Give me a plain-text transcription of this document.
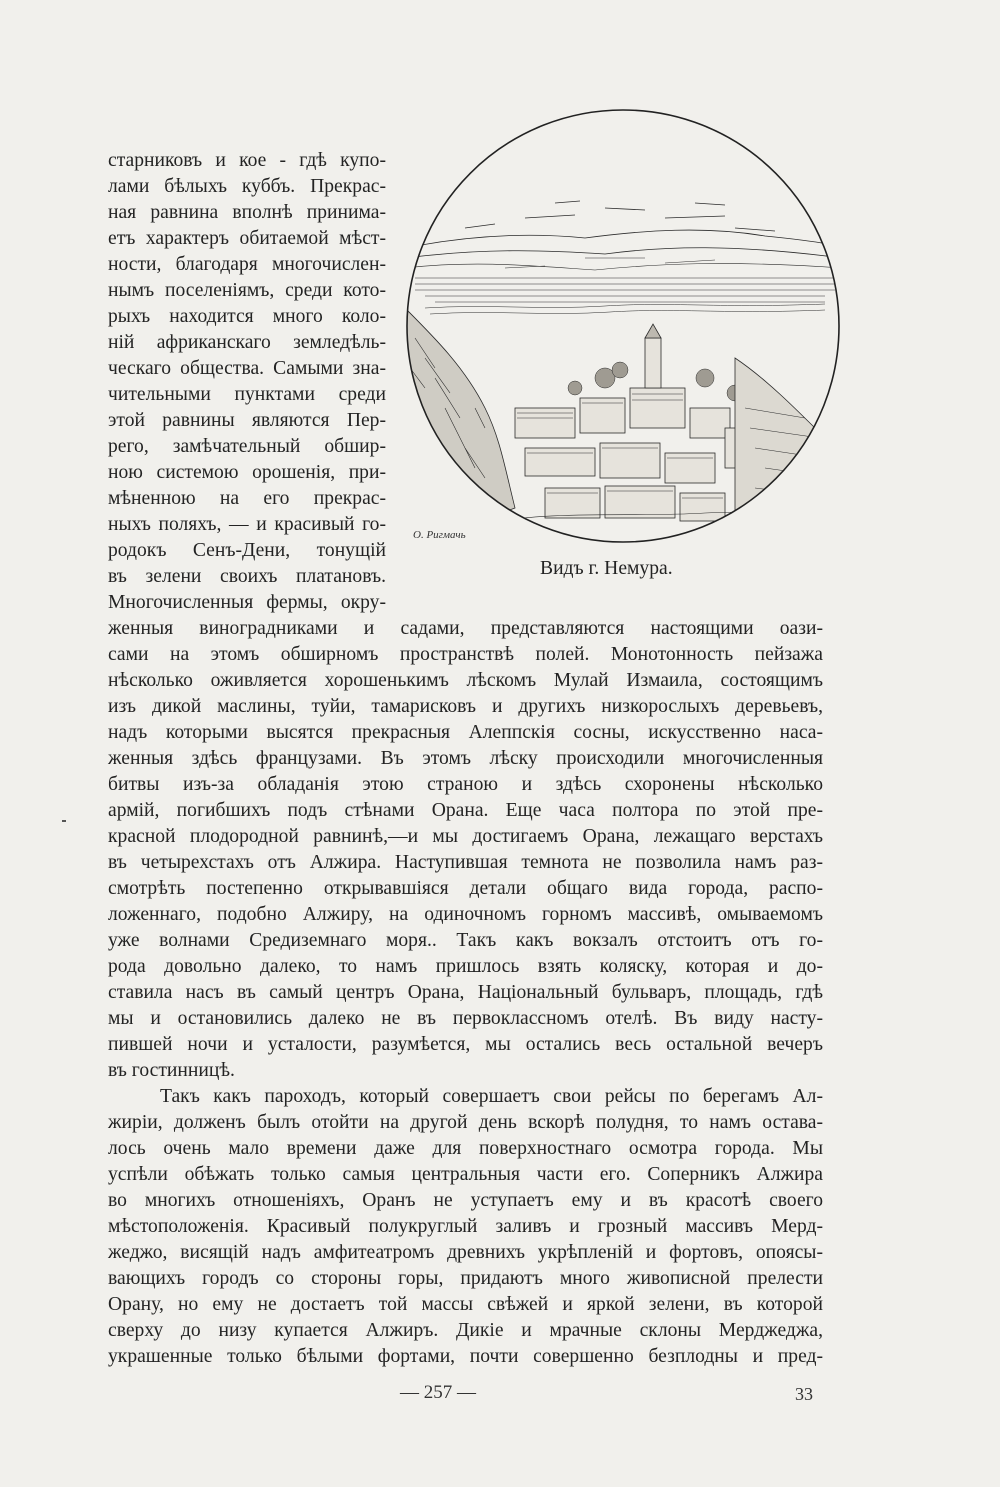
старниковъ и кое - гдѣ купо-
лами бѣлыхъ куббъ. Прекрас-
ная равнина вполнѣ принима-
етъ характеръ обитаемой мѣст-
ности, благодаря многочислен-
нымъ поселеніямъ, среди кото-
рыхъ находится много коло-
ній африканскаго земледѣль-
ческаго общества. Самыми зна-
чительными пунктами среди
этой равнины являются Пер-
рего, замѣчательный обшир-
ною системою орошенія, при-
мѣненною на его прекрас-
ныхъ поляхъ, — и красивый го-
родокъ Сенъ-Дени, тонущій
въ зелени своихъ платановъ.
Многочисленныя фермы, окру-
О. Ригмачь
Видъ г. Немура.
женныя виноградниками и садами, представляются настоящими оази-
сами на этомъ обширномъ пространствѣ полей. Монотонность пейзажа
нѣсколько оживляется хорошенькимъ лѣскомъ Мулай Измаила, состоящимъ
изъ дикой маслины, туйи, тамарисковъ и другихъ низкорослыхъ деревьевъ,
надъ которыми высятся прекрасныя Алеппскія сосны, искусственно наса-
женныя здѣсь французами. Въ этомъ лѣску происходили многочисленныя
битвы изъ-за обладанія этою страною и здѣсь схоронены нѣсколько
армій, погибшихъ подъ стѣнами Орана. Еще часа полтора по этой пре-
красной плодородной равнинѣ,—и мы достигаемъ Орана, лежащаго верстахъ
въ четырехстахъ отъ Алжира. Наступившая темнота не позволила намъ раз-
смотрѣть постепенно открывавшіяся детали общаго вида города, распо-
ложеннаго, подобно Алжиру, на одиночномъ горномъ массивѣ, омываемомъ
уже волнами Средиземнаго моря.. Такъ какъ вокзалъ отстоитъ отъ го-
рода довольно далеко, то намъ пришлось взять коляску, которая и до-
ставила насъ въ самый центръ Орана, Національный бульваръ, площадь, гдѣ
мы и остановились далеко не въ первоклассномъ отелѣ. Въ виду насту-
пившей ночи и усталости, разумѣется, мы остались весь остальной вечеръ
въ гостинницѣ.
Такъ какъ пароходъ, который совершаетъ свои рейсы по берегамъ Ал-
жиріи, долженъ былъ отойти на другой день вскорѣ полудня, то намъ остава-
лось очень мало времени даже для поверхностнаго осмотра города. Мы
успѣли обѣжать только самыя центральныя части его. Соперникъ Алжира
во многихъ отношеніяхъ, Оранъ не уступаетъ ему и въ красотѣ своего
мѣстоположенія. Красивый полукруглый заливъ и грозный массивъ Мерд-
жеджо, висящій надъ амфитеатромъ древнихъ укрѣпленій и фортовъ, опоясы-
вающихъ городъ со стороны горы, придаютъ много живописной прелести
Орану, но ему не достаетъ той массы свѣжей и яркой зелени, въ которой
сверху до низу купается Алжиръ. Дикіе и мрачные склоны Мерджеджа,
украшенные только бѣлыми фортами, почти совершенно безплодны и пред-
— 257 —	33
